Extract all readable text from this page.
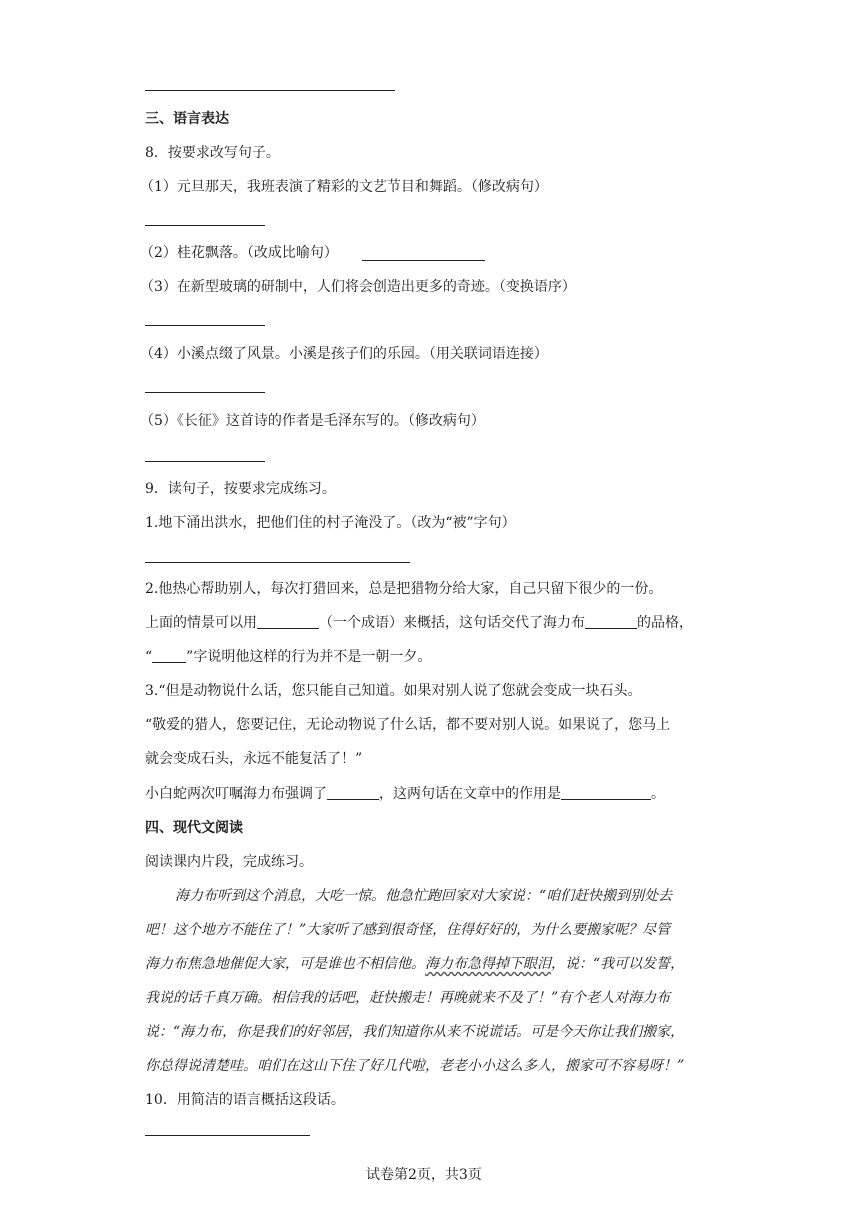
三、语言表达
8．按要求改写句子。
（1）元旦那天，我班表演了精彩的文艺节目和舞蹈。（修改病句）
（2）桂花飘落。（改成比喻句）
（3）在新型玻璃的研制中，人们将会创造出更多的奇迹。（变换语序）
（4）小溪点缀了风景。小溪是孩子们的乐园。（用关联词语连接）
（5）《长征》这首诗的作者是毛泽东写的。（修改病句）
9．读句子，按要求完成练习。
1.地下涌出洪水，把他们住的村子淹没了。（改为“被”字句）
2.他热心帮助别人，每次打猎回来，总是把猎物分给大家，自己只留下很少的一份。
上面的情景可以用	（一个成语）来概括，这句话交代了海力布	的品格，
“ ”字说明他这样的行为并不是一朝一夕。
3.“但是动物说什么话，您只能自己知道。如果对别人说了您就会变成一块石头。
“敬爱的猎人，您要记住，无论动物说了什么话，都不要对别人说。如果说了，您马上
就会变成石头，永远不能复活了！”
小白蛇两次叮嘱海力布强调了	，这两句话在文章中的作用是	。
四、现代文阅读
阅读课内片段，完成练习。
海力布听到这个消息，大吃一惊。他急忙跑回家对大家说：“咱们赶快搬到别处去
吧！这个地方不能住了！”大家听了感到很奇怪，住得好好的，为什么要搬家呢？尽管
海力布焦急地催促大家，可是谁也不相信他。海力布急得掉下眼泪，说：“我可以发誓，
我说的话千真万确。相信我的话吧，赶快搬走！再晚就来不及了！”有个老人对海力布
说：“海力布，你是我们的好邻居，我们知道你从来不说谎话。可是今天你让我们搬家，
你总得说清楚哇。咱们在这山下住了好几代啦，老老小小这么多人，搬家可不容易呀！”
10．用简洁的语言概括这段话。
试卷第2页，共3页
